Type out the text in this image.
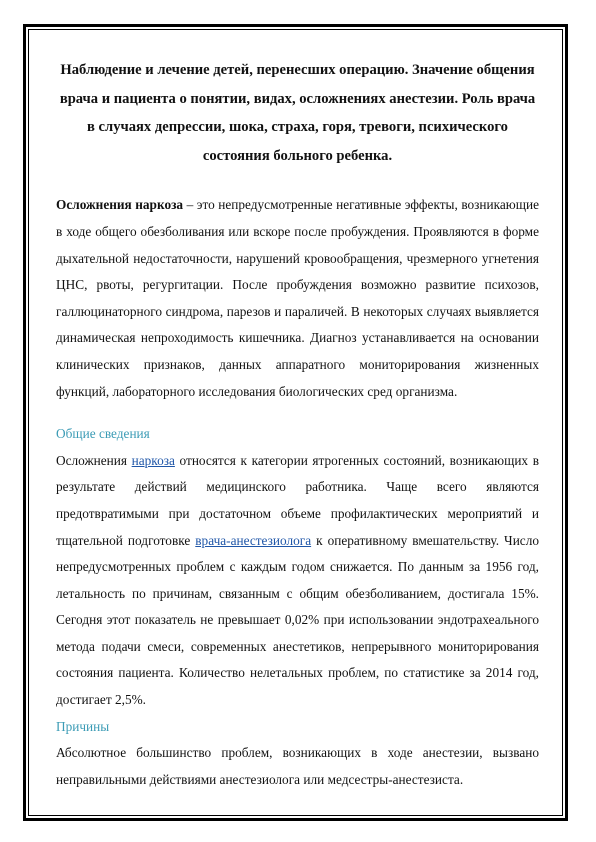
Наблюдение и лечение детей, перенесших операцию. Значение общения врача и пациента о понятии, видах, осложнениях анестезии. Роль врача в случаях депрессии, шока, страха, горя, тревоги, психического состояния больного ребенка.

Осложнения наркоза – это непредусмотренные негативные эффекты, возникающие в ходе общего обезболивания или вскоре после пробуждения. Проявляются в форме дыхательной недостаточности, нарушений кровообращения, чрезмерного угнетения ЦНС, рвоты, регургитации. После пробуждения возможно развитие психозов, галлюцинаторного синдрома, парезов и параличей. В некоторых случаях выявляется динамическая непроходимость кишечника. Диагноз устанавливается на основании клинических признаков, данных аппаратного мониторирования жизненных функций, лабораторного исследования биологических сред организма.

Общие сведения

Осложнения наркоза относятся к категории ятрогенных состояний, возникающих в результате действий медицинского работника. Чаще всего являются предотвратимыми при достаточном объеме профилактических мероприятий и тщательной подготовке врача-анестезиолога к оперативному вмешательству. Число непредусмотренных проблем с каждым годом снижается. По данным за 1956 год, летальность по причинам, связанным с общим обезболиванием, достигала 15%. Сегодня этот показатель не превышает 0,02% при использовании эндотрахеального метода подачи смеси, современных анестетиков, непрерывного мониторирования состояния пациента. Количество нелетальных проблем, по статистике за 2014 год, достигает 2,5%.

Причины

Абсолютное большинство проблем, возникающих в ходе анестезии, вызвано неправильными действиями анестезиолога или медсестры-анестезиста.
